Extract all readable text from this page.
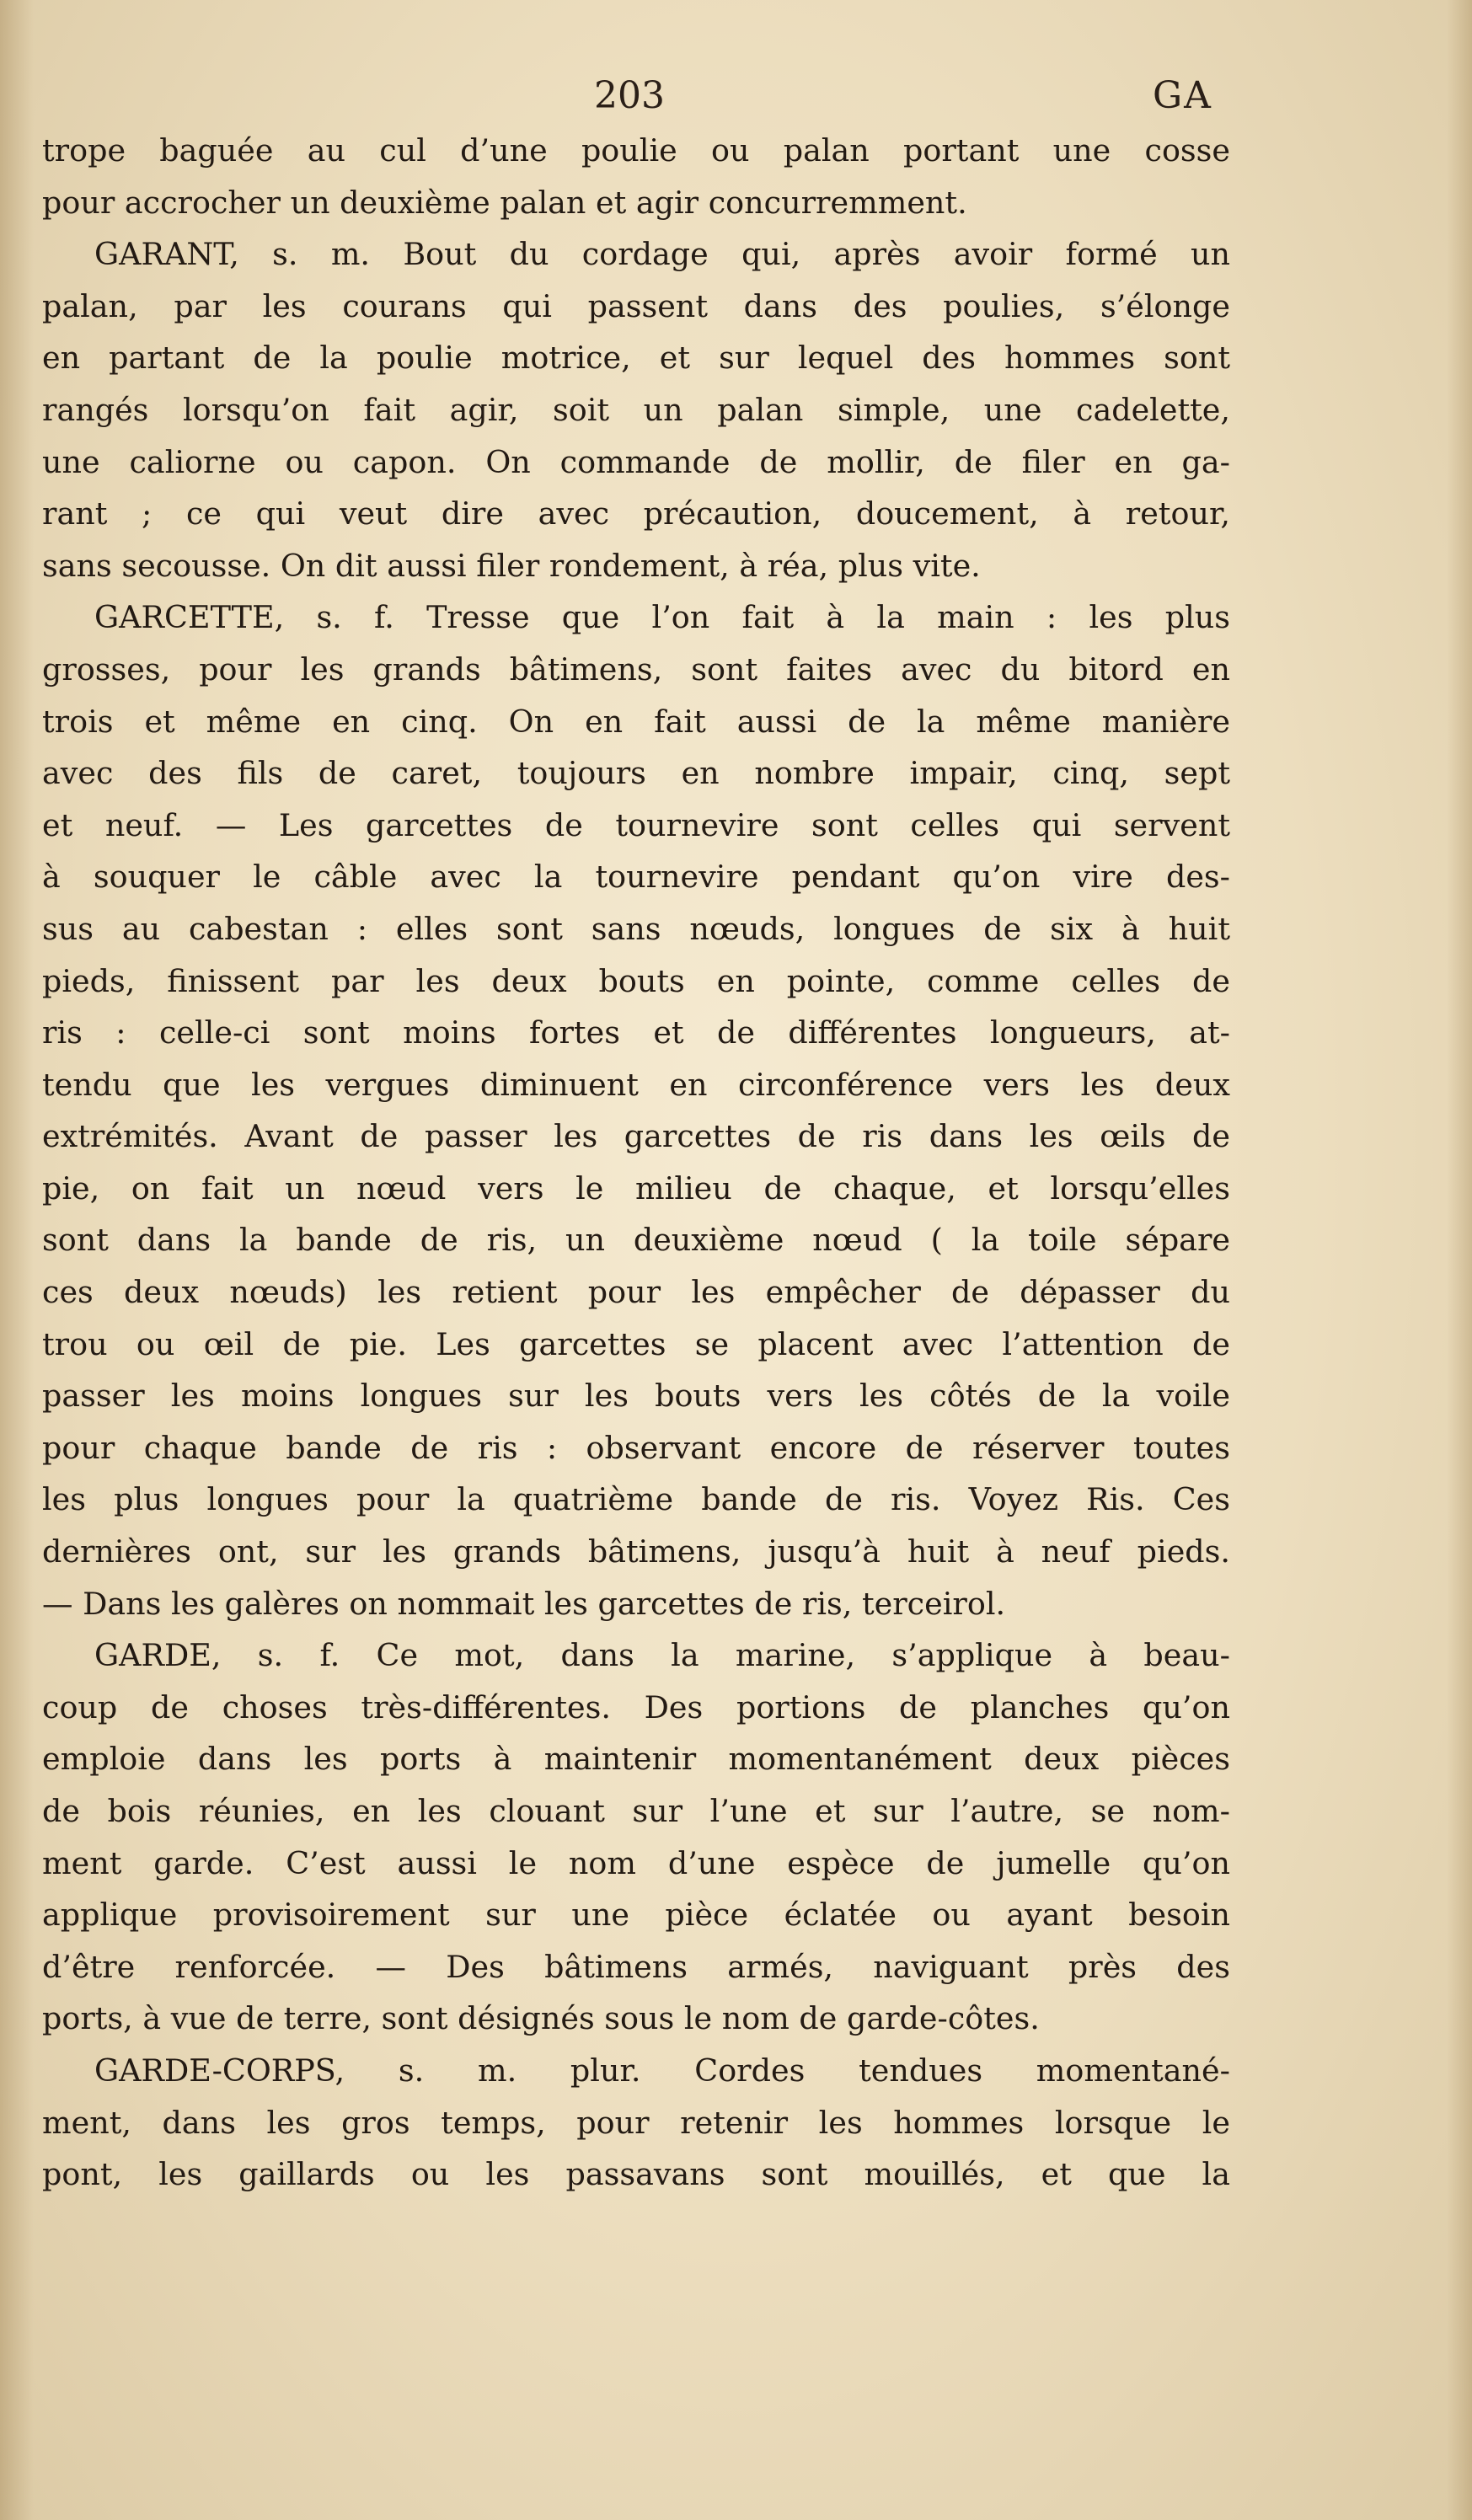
203	GA
trope baguée au cul d’une poulie ou palan portant une cosse
pour accrocher un deuxième palan et agir concurremment.
GARANT, s. m. Bout du cordage qui, après avoir formé un
palan, par les courans qui passent dans des poulies, s’élonge
en partant de la poulie motrice, et sur lequel des hommes sont
rangés lorsqu’on fait agir, soit un palan simple, une cadelette,
une caliorne ou capon. On commande de mollir, de filer en ga-
rant ; ce qui veut dire avec précaution, doucement, à retour,
sans secousse. On dit aussi filer rondement, à réa, plus vite.
GARCETTE, s. f. Tresse que l’on fait à la main : les plus
grosses, pour les grands bâtimens, sont faites avec du bitord en
trois et même en cinq. On en fait aussi de la même manière
avec des fils de caret, toujours en nombre impair, cinq, sept
et neuf. — Les garcettes de tournevire sont celles qui servent
à souquer le câble avec la tournevire pendant qu’on vire des-
sus au cabestan : elles sont sans nœuds, longues de six à huit
pieds, finissent par les deux bouts en pointe, comme celles de
ris : celle-ci sont moins fortes et de différentes longueurs, at-
tendu que les vergues diminuent en circonférence vers les deux
extrémités. Avant de passer les garcettes de ris dans les œils de
pie, on fait un nœud vers le milieu de chaque, et lorsqu’elles
sont dans la bande de ris, un deuxième nœud ( la toile sépare
ces deux nœuds) les retient pour les empêcher de dépasser du
trou ou œil de pie. Les garcettes se placent avec l’attention de
passer les moins longues sur les bouts vers les côtés de la voile
pour chaque bande de ris : observant encore de réserver toutes
les plus longues pour la quatrième bande de ris. Voyez Ris. Ces
dernières ont, sur les grands bâtimens, jusqu’à huit à neuf pieds.
— Dans les galères on nommait les garcettes de ris, terceirol.
GARDE, s. f. Ce mot, dans la marine, s’applique à beau-
coup de choses très-différentes. Des portions de planches qu’on
emploie dans les ports à maintenir momentanément deux pièces
de bois réunies, en les clouant sur l’une et sur l’autre, se nom-
ment garde. C’est aussi le nom d’une espèce de jumelle qu’on
applique provisoirement sur une pièce éclatée ou ayant besoin
d’être renforcée. — Des bâtimens armés, naviguant près des
ports, à vue de terre, sont désignés sous le nom de garde-côtes.
GARDE-CORPS, s. m. plur. Cordes tendues momentané-
ment, dans les gros temps, pour retenir les hommes lorsque le
pont, les gaillards ou les passavans sont mouillés, et que la
